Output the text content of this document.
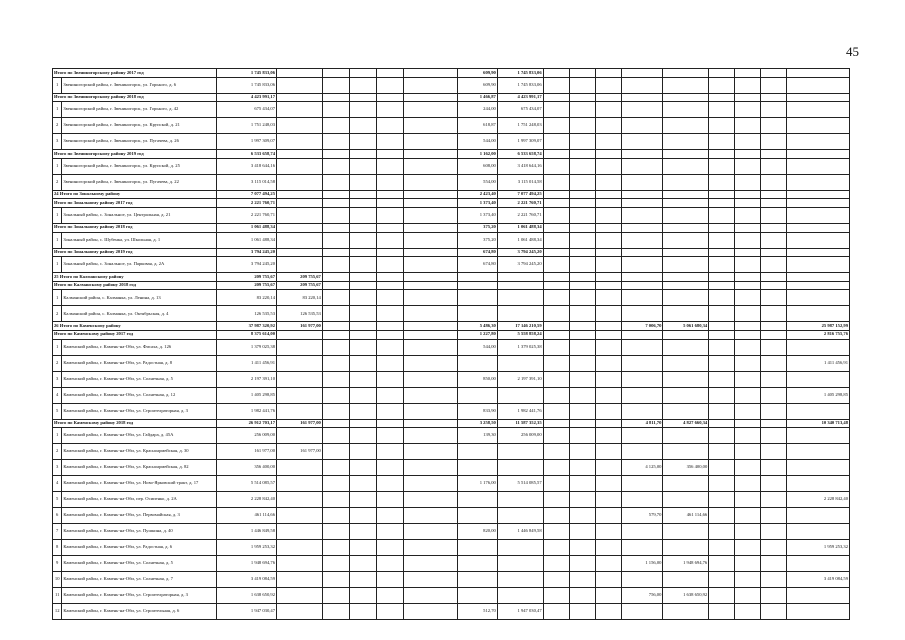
45
Итого по Звениногорскому району 2017 год		1 745 833,06						609,90	1 745 833,06									
1	Звениногорский район, г. Звениногорск, ул. Горького, д. 6	1 745 833,06						609,90	1 745 833,06									
Итого по Звениногорскому району 2018 год		4 423 991,17						1 466,87	4 423 991,17									
1	Звениногорский район, г. Звениногорск, ул. Горького, д. 42	675 434,07						244,00	675 434,07									
2	Звениногорский район, г. Звениногорск, ул. Крупской, д. 21	1 751 248,03						618,87	1 751 248,03									
3	Звениногорский район, г. Звениногорск, ул. Пугачева, д. 26	1 997 309,07						544,00	1 997 309,07									
Итого по Звениногорскому району 2019 год		6 533 658,74						1 162,00	6 533 658,74									
1	Звениногорский район, г. Звениногорск, ул. Крупской, д. 25	3 418 644,16						608,00	3 418 644,16									
2	Звениногорский район, г. Звениногорск, ул. Пугачева, д. 22	3 115 014,58						554,00	3 115 014,58									
24 Итого по Зональному району		7 077 494,25						2 423,40	7 077 494,25									
Итого по Зональному району 2017 год		2 221 760,71						1 373,40	2 221 760,71									
1	Зональный район, с. Зональное, ул. Центральная, д. 21	2 221 760,71						1 373,40	2 221 760,71									
Итого по Зональному району 2018 год		1 061 488,34						375,20	1 061 488,34									
1	Зональный район, с. Шубенка, ул. Школьная, д. 1	1 061 488,34						375,20	1 061 488,34									
Итого по Зональному району 2019 год		3 794 245,20						674,80	3 794 245,20									
1	Зональный район, с. Зональное, ул. Парковая, д. 2А	3 794 245,20						674,80	3 794 245,20									
25 Итого по Калманскому району		209 755,67	209 755,67															
Итого по Калманскому району 2018 год		209 755,67	209 755,67															
1	Калманский район, с. Калманка, ул. Ленина, д. 13	83 220,14	83 220,14															
2	Калманский район, с. Калманка, ул. Октябрьская, д. 4	126 535,53	126 535,53															
26 Итого по Каменскому району		37 987 320,92	161 977,00					5 486,30	17 146 210,59				7 006,70	5 061 680,34				25 987 152,99
Итого по Каменскому району 2017 год		8 375 614,00						1 227,80	5 558 858,24									2 816 755,76
1	Каменский район, г. Камень-на-Оби, ул. Фисаха, д. 126	1 379 025,38						544,00	1 379 025,38									
2	Каменский район, г. Камень-на-Оби, ул. Радостная, д. 8	1 411 456,91																1 411 456,91
3	Каменский район, г. Камень-на-Оби, ул. Солнечная, д. 5	2 197 391,10						850,00	2 197 391,10									
4	Каменский район, г. Камень-на-Оби, ул. Солнечная, д. 12	1 405 298,85																1 405 298,85
5	Каменский район, г. Камень-на-Оби, ул. Строителраторная, д. 3	1 982 441,76						833,90	1 982 441,76									
Итого по Каменскому району 2018 год		26 912 703,17	161 977,00					3 258,50	11 587 352,35				4 811,70	4 827 660,34				10 340 713,48
1	Каменский район, г. Камень-на-Оби, ул. Гайдара, д. 45А	256 009,00						139,30	256 009,00									
2	Каменский район, г. Камень-на-Оби, ул. Красноармейская, д. 30	161 977,00	161 977,00															
3	Каменский район, г. Камень-на-Оби, ул. Красноармейская, д. 82	356 400,00											4 125,00	356 400,00				
4	Каменский район, г. Камень-на-Оби, ул. Ново-Ярковский тракт, д. 17	5 514 085,57						1 176,00	5 514 085,57									
5	Каменский район, г. Камень-на-Оби, пер. Осипенко, д. 2А	2 228 842,40																2 228 842,40
6	Каменский район, г. Камень-на-Оби, ул. Первомайская, д. 3	461 114,66											579,70	461 114,66				
7	Каменский район, г. Камень-на-Оби, ул. Пушкина, д. 40	1 446 849,58						820,00	1 446 849,58									
8	Каменский район, г. Камень-на-Оби, ул. Радостная, д. 6	1 959 253,32																1 959 253,32
9	Каменский район, г. Камень-на-Оби, ул. Солнечная, д. 5	1 948 694,76											1 156,00	1 948 694,76				
10	Каменский район, г. Камень-на-Оби, ул. Солнечная, д. 7	3 419 084,59																3 419 084,59
11	Каменский район, г. Камень-на-Оби, ул. Строителраторная, д. 3	1 638 650,92											756,00	1 638 650,92				
12	Каменский район, г. Камень-на-Оби, ул. Строительная, д. 6	1 947 030,47						512,70	1 947 030,47									
